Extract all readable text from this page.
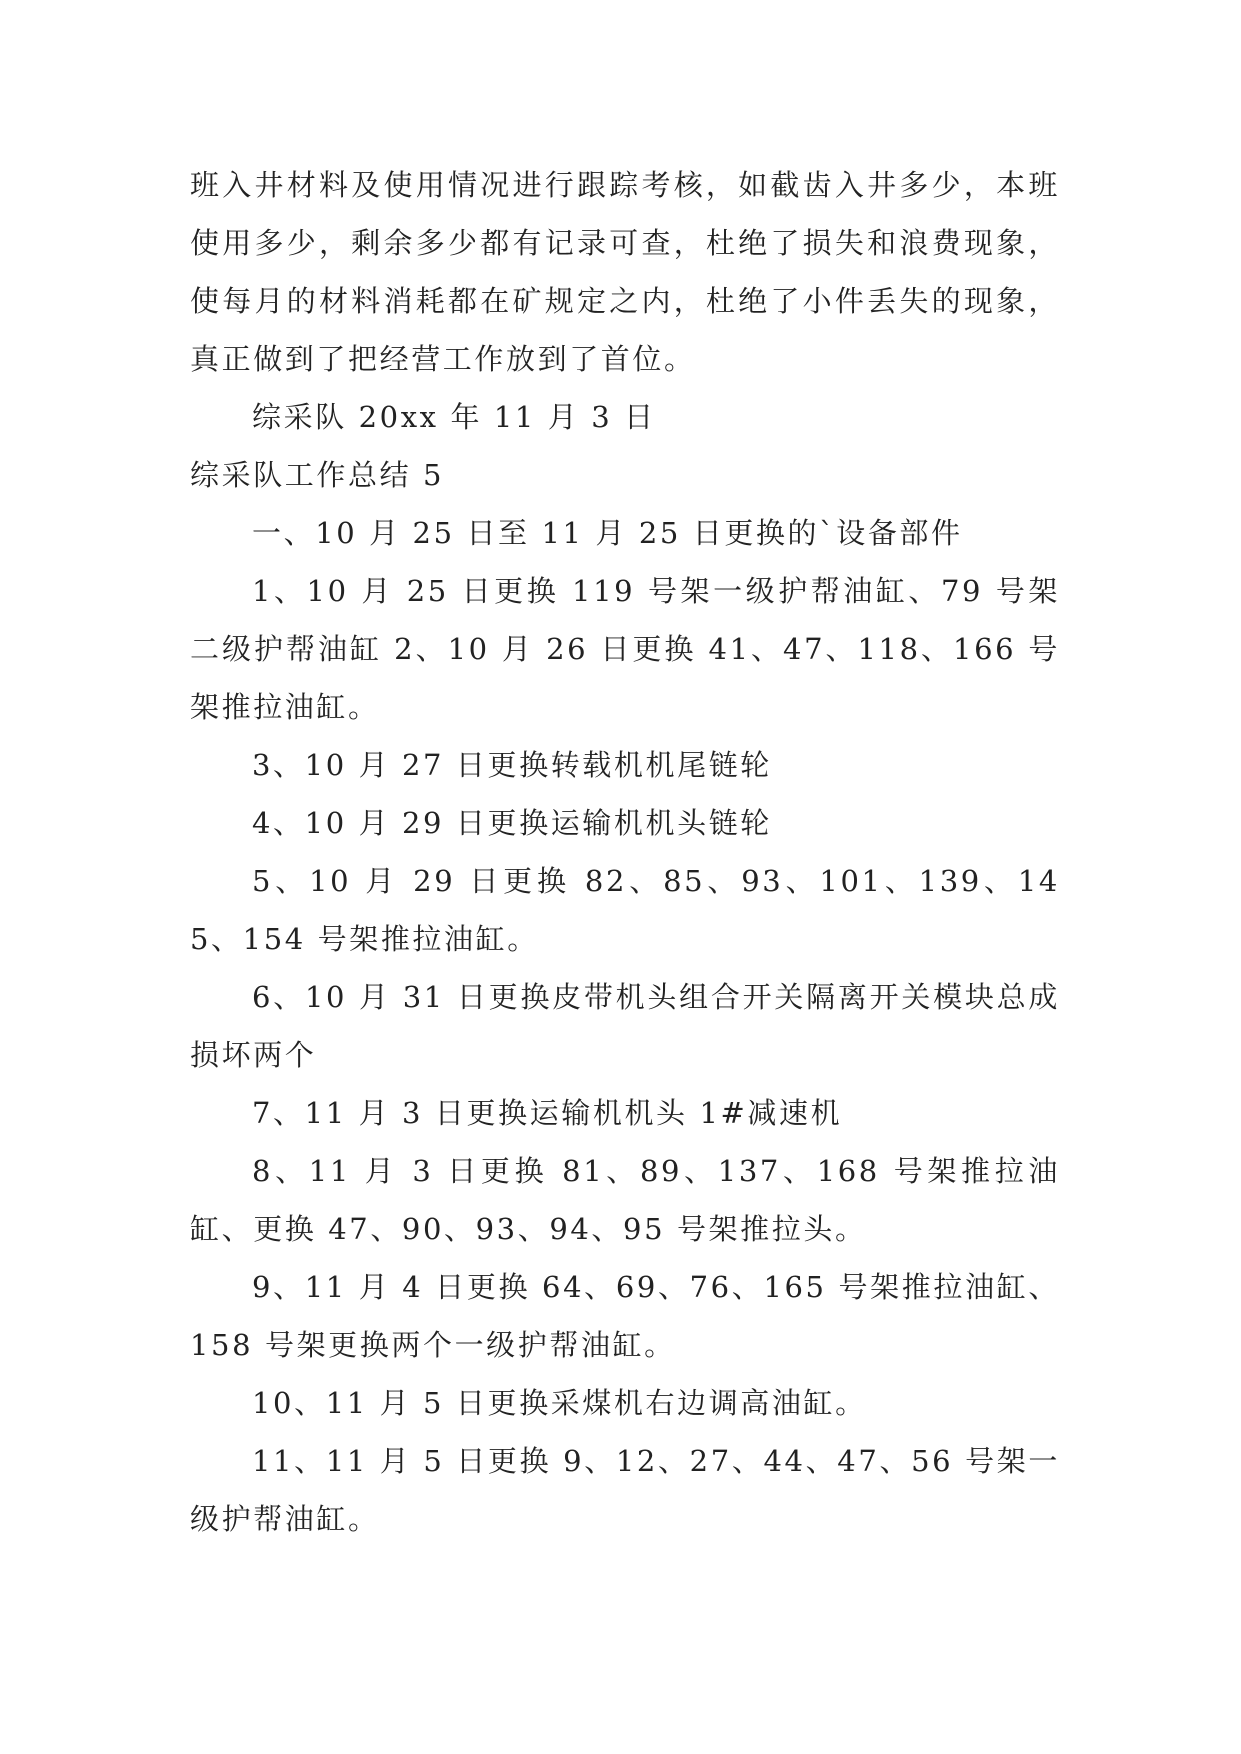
班入井材料及使用情况进行跟踪考核，如截齿入井多少，本班使用多少，剩余多少都有记录可查，杜绝了损失和浪费现象，使每月的材料消耗都在矿规定之内，杜绝了小件丢失的现象，真正做到了把经营工作放到了首位。

综采队 20xx 年 11 月 3 日

综采队工作总结 5

一、10 月 25 日至 11 月 25 日更换的`设备部件

1、10 月 25 日更换 119 号架一级护帮油缸、79 号架二级护帮油缸 2、10 月 26 日更换 41、47、118、166 号架推拉油缸。

3、10 月 27 日更换转载机机尾链轮

4、10 月 29 日更换运输机机头链轮

5、10 月 29 日更换 82、85、93、101、139、145、154 号架推拉油缸。

6、10 月 31 日更换皮带机头组合开关隔离开关模块总成损坏两个

7、11 月 3 日更换运输机机头 1#减速机

8、11 月 3 日更换 81、89、137、168 号架推拉油缸、更换 47、90、93、94、95 号架推拉头。

9、11 月 4 日更换 64、69、76、165 号架推拉油缸、158 号架更换两个一级护帮油缸。

10、11 月 5 日更换采煤机右边调高油缸。

11、11 月 5 日更换 9、12、27、44、47、56 号架一级护帮油缸。
